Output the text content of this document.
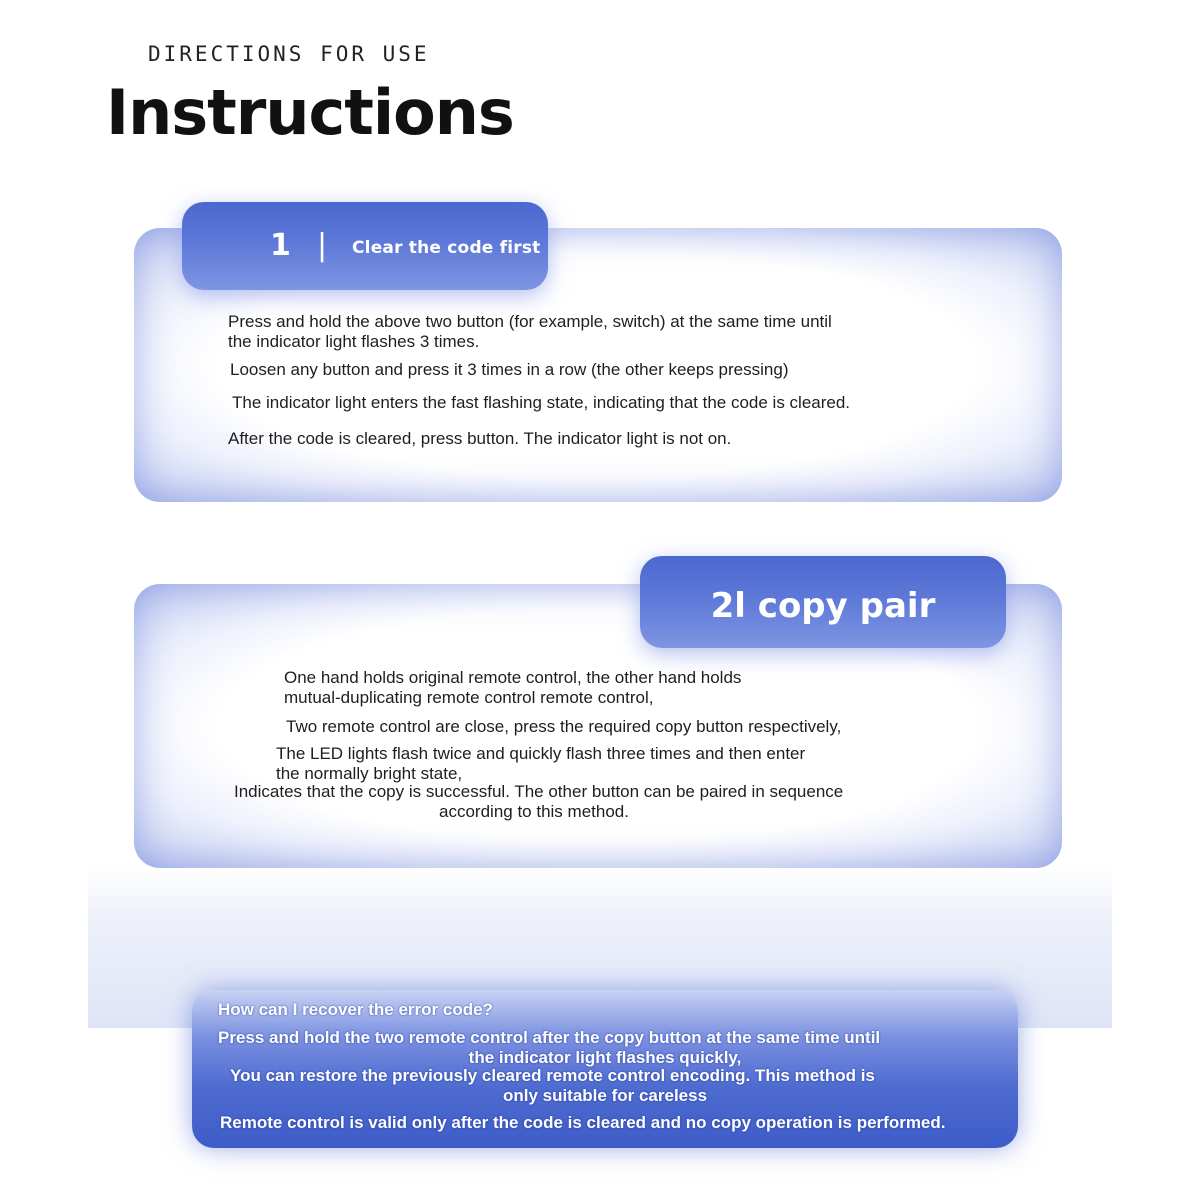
DIRECTIONS FOR USE
Instructions
Press and hold the above two button (for example, switch) at the same time until
the indicator light flashes 3 times.
Loosen any button and press it 3 times in a row (the other keeps pressing)
The indicator light enters the fast flashing state, indicating that the code is cleared.
After the code is cleared, press button. The indicator light is not on.
1 | Clear the code first
One hand holds original remote control, the other hand holds
mutual-duplicating remote control remote control,
Two remote control are close, press the required copy button respectively,
The LED lights flash twice and quickly flash three times and then enter
the normally bright state,
Indicates that the copy is successful. The other button can be paired in sequence
according to this method.
2l copy pair
How can I recover the error code?
Press and hold the two remote control after the copy button at the same time until
the indicator light flashes quickly,
You can restore the previously cleared remote control encoding. This method is
only suitable for careless
Remote control is valid only after the code is cleared and no copy operation is performed.
